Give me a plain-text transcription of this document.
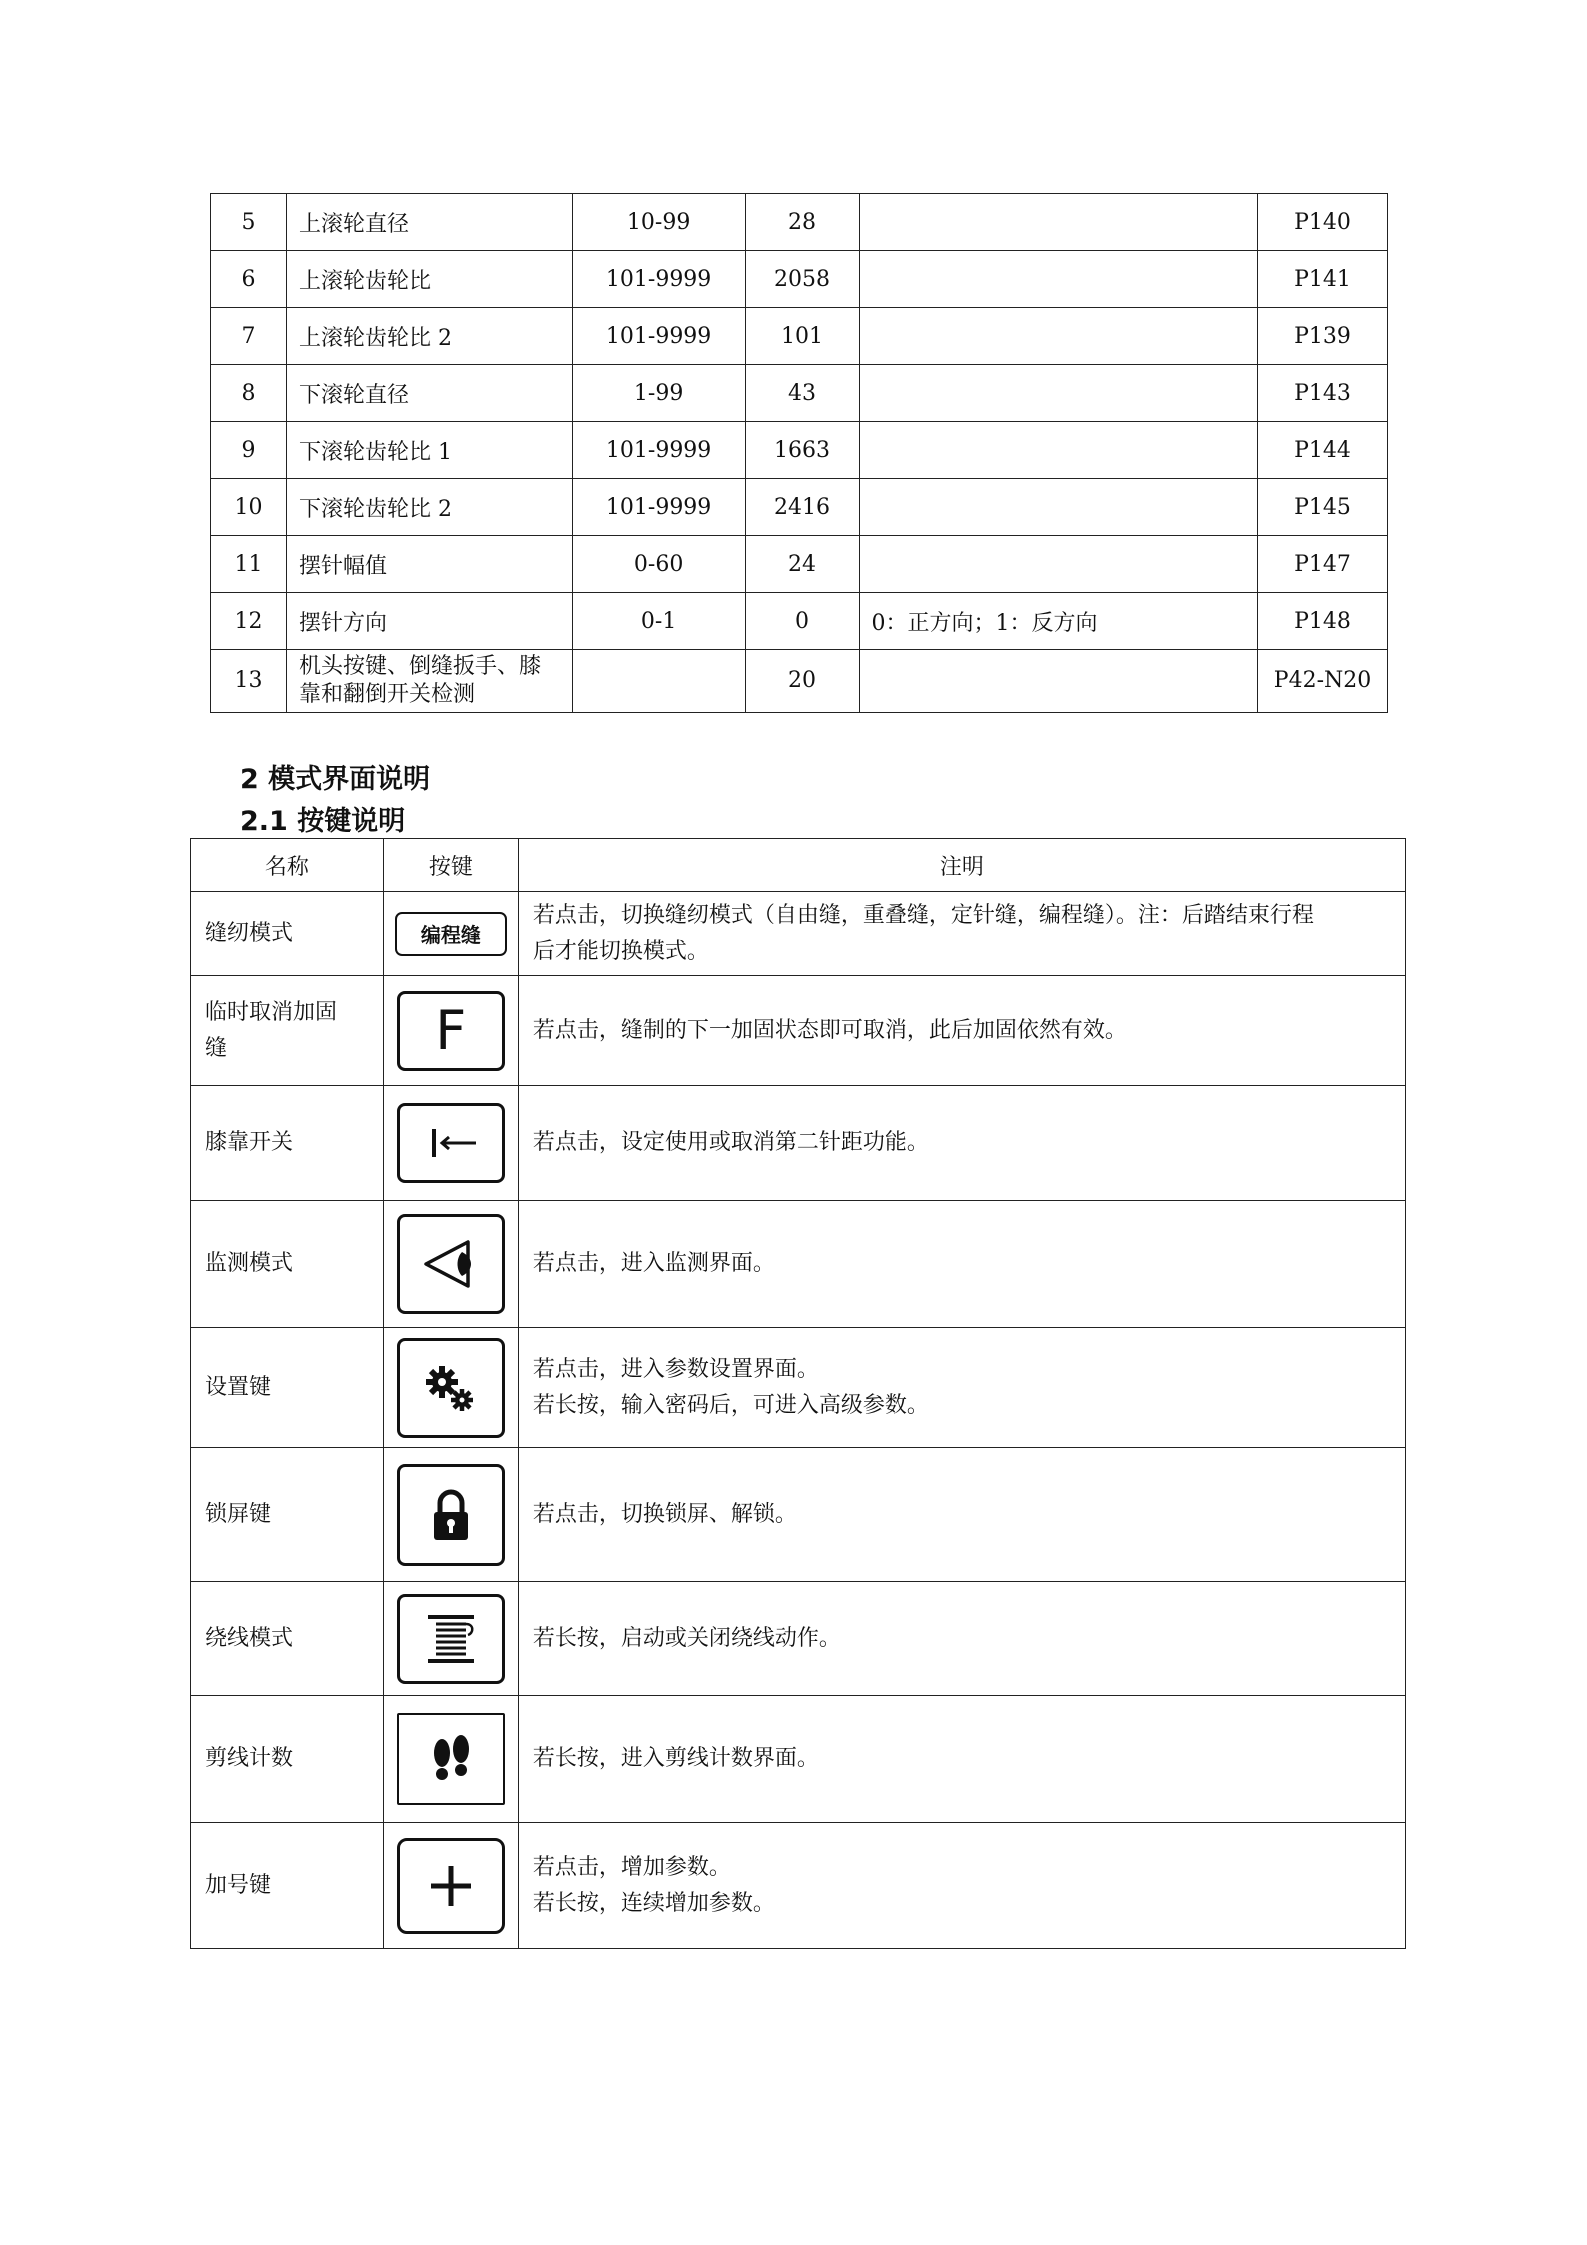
5	上滚轮直径	10-99	28		P140
6	上滚轮齿轮比	101-9999	2058		P141
7	上滚轮齿轮比 2	101-9999	101		P139
8	下滚轮直径	1-99	43		P143
9	下滚轮齿轮比 1	101-9999	1663		P144
10	下滚轮齿轮比 2	101-9999	2416		P145
11	摆针幅值	0-60	24		P147
12	摆针方向	0-1	0	0：正方向；1：反方向	P148
13	机头按键、倒缝扳手、膝
靠和翻倒开关检测		20		P42-N20
2 模式界面说明
2.1 按键说明
名称	按键	注明
缝纫模式	编程缝	若点击，切换缝纫模式（自由缝，重叠缝，定针缝，编程缝）。注：后踏结束行程
后才能切换模式。

临时取消加固
缝	F	若点击，缝制的下一加固状态即可取消，此后加固依然有效。
膝靠开关		若点击，设定使用或取消第二针距功能。
监测模式		若点击，进入监测界面。
设置键		若点击，进入参数设置界面。
若长按，输入密码后，可进入高级参数。

锁屏键		若点击，切换锁屏、解锁。
绕线模式		若长按，启动或关闭绕线动作。
剪线计数		若长按，进入剪线计数界面。
加号键		若点击，增加参数。
若长按，连续增加参数。
